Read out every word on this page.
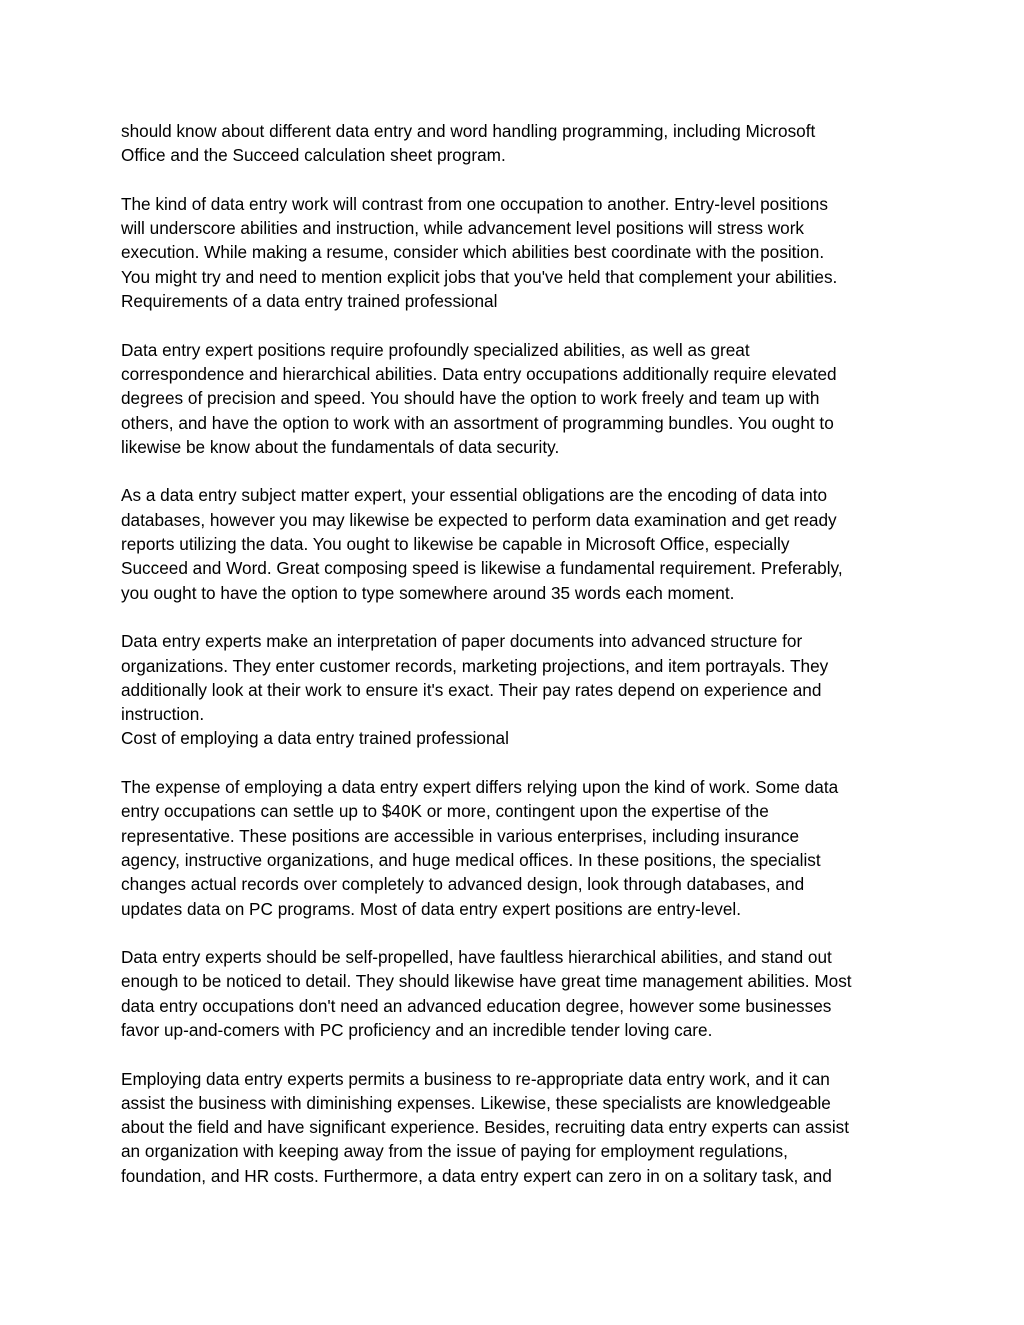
should know about different data entry and word handling programming, including Microsoft
Office and the Succeed calculation sheet program.

The kind of data entry work will contrast from one occupation to another. Entry-level positions
will underscore abilities and instruction, while advancement level positions will stress work
execution. While making a resume, consider which abilities best coordinate with the position.
You might try and need to mention explicit jobs that you've held that complement your abilities.
Requirements of a data entry trained professional

Data entry expert positions require profoundly specialized abilities, as well as great
correspondence and hierarchical abilities. Data entry occupations additionally require elevated
degrees of precision and speed. You should have the option to work freely and team up with
others, and have the option to work with an assortment of programming bundles. You ought to
likewise be know about the fundamentals of data security.

As a data entry subject matter expert, your essential obligations are the encoding of data into
databases, however you may likewise be expected to perform data examination and get ready
reports utilizing the data. You ought to likewise be capable in Microsoft Office, especially
Succeed and Word. Great composing speed is likewise a fundamental requirement. Preferably,
you ought to have the option to type somewhere around 35 words each moment.

Data entry experts make an interpretation of paper documents into advanced structure for
organizations. They enter customer records, marketing projections, and item portrayals. They
additionally look at their work to ensure it's exact. Their pay rates depend on experience and
instruction.
Cost of employing a data entry trained professional

The expense of employing a data entry expert differs relying upon the kind of work. Some data
entry occupations can settle up to $40K or more, contingent upon the expertise of the
representative. These positions are accessible in various enterprises, including insurance
agency, instructive organizations, and huge medical offices. In these positions, the specialist
changes actual records over completely to advanced design, look through databases, and
updates data on PC programs. Most of data entry expert positions are entry-level.

Data entry experts should be self-propelled, have faultless hierarchical abilities, and stand out
enough to be noticed to detail. They should likewise have great time management abilities. Most
data entry occupations don't need an advanced education degree, however some businesses
favor up-and-comers with PC proficiency and an incredible tender loving care.

Employing data entry experts permits a business to re-appropriate data entry work, and it can
assist the business with diminishing expenses. Likewise, these specialists are knowledgeable
about the field and have significant experience. Besides, recruiting data entry experts can assist
an organization with keeping away from the issue of paying for employment regulations,
foundation, and HR costs. Furthermore, a data entry expert can zero in on a solitary task, and
